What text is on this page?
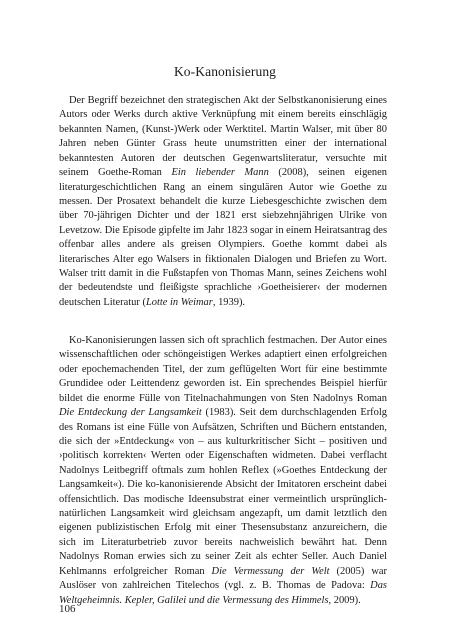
Ko-Kanonisierung

Der Begriff bezeichnet den strategischen Akt der Selbstkanonisierung eines Autors oder Werks durch aktive Verknüpfung mit einem bereits einschlägig bekannten Namen, (Kunst-)Werk oder Werktitel. Martin Walser, mit über 80 Jahren neben Günter Grass heute unumstritten einer der international bekanntesten Autoren der deutschen Gegenwartsliteratur, versuchte mit seinem Goethe-Roman Ein liebender Mann (2008), seinen eigenen literaturgeschichtlichen Rang an einem singulären Autor wie Goethe zu messen. Der Prosatext behandelt die kurze Liebesgeschichte zwischen dem über 70-jährigen Dichter und der 1821 erst siebzehnjährigen Ulrike von Levetzow. Die Episode gipfelte im Jahr 1823 sogar in einem Heiratsantrag des offenbar alles andere als greisen Olympiers. Goethe kommt dabei als literarisches Alter ego Walsers in fiktionalen Dialogen und Briefen zu Wort. Walser tritt damit in die Fußstapfen von Thomas Mann, seines Zeichens wohl der bedeutendste und fleißigste sprachliche ›Goetheisierer‹ der modernen deutschen Literatur (Lotte in Weimar, 1939).

Ko-Kanonisierungen lassen sich oft sprachlich festmachen. Der Autor eines wissenschaftlichen oder schöngeistigen Werkes adaptiert einen erfolgreichen oder epochemachenden Titel, der zum geflügelten Wort für eine bestimmte Grundidee oder Leittendenz geworden ist. Ein sprechendes Beispiel hierfür bildet die enorme Fülle von Titelnachahmungen von Sten Nadolnys Roman Die Entdeckung der Langsamkeit (1983). Seit dem durchschlagenden Erfolg des Romans ist eine Fülle von Aufsätzen, Schriften und Büchern entstanden, die sich der »Entdeckung« von – aus kulturkritischer Sicht – positiven und ›politisch korrekten‹ Werten oder Eigenschaften widmeten. Dabei verflacht Nadolnys Leitbegriff oftmals zum hohlen Reflex (»Goethes Entdeckung der Langsamkeit«). Die ko-kanonisierende Absicht der Imitatoren erscheint dabei offensichtlich. Das modische Ideensubstrat einer vermeintlich ursprünglich-natürlichen Langsamkeit wird gleichsam angezapft, um damit letztlich den eigenen publizistischen Erfolg mit einer Thesensubstanz anzureichern, die sich im Literaturbetrieb zuvor bereits nachweislich bewährt hat. Denn Nadolnys Roman erwies sich zu seiner Zeit als echter Seller. Auch Daniel Kehlmanns erfolgreicher Roman Die Vermessung der Welt (2005) war Auslöser von zahlreichen Titelechos (vgl. z. B. Thomas de Padova: Das Weltgeheimnis. Kepler, Galilei und die Vermessung des Himmels, 2009).

106
